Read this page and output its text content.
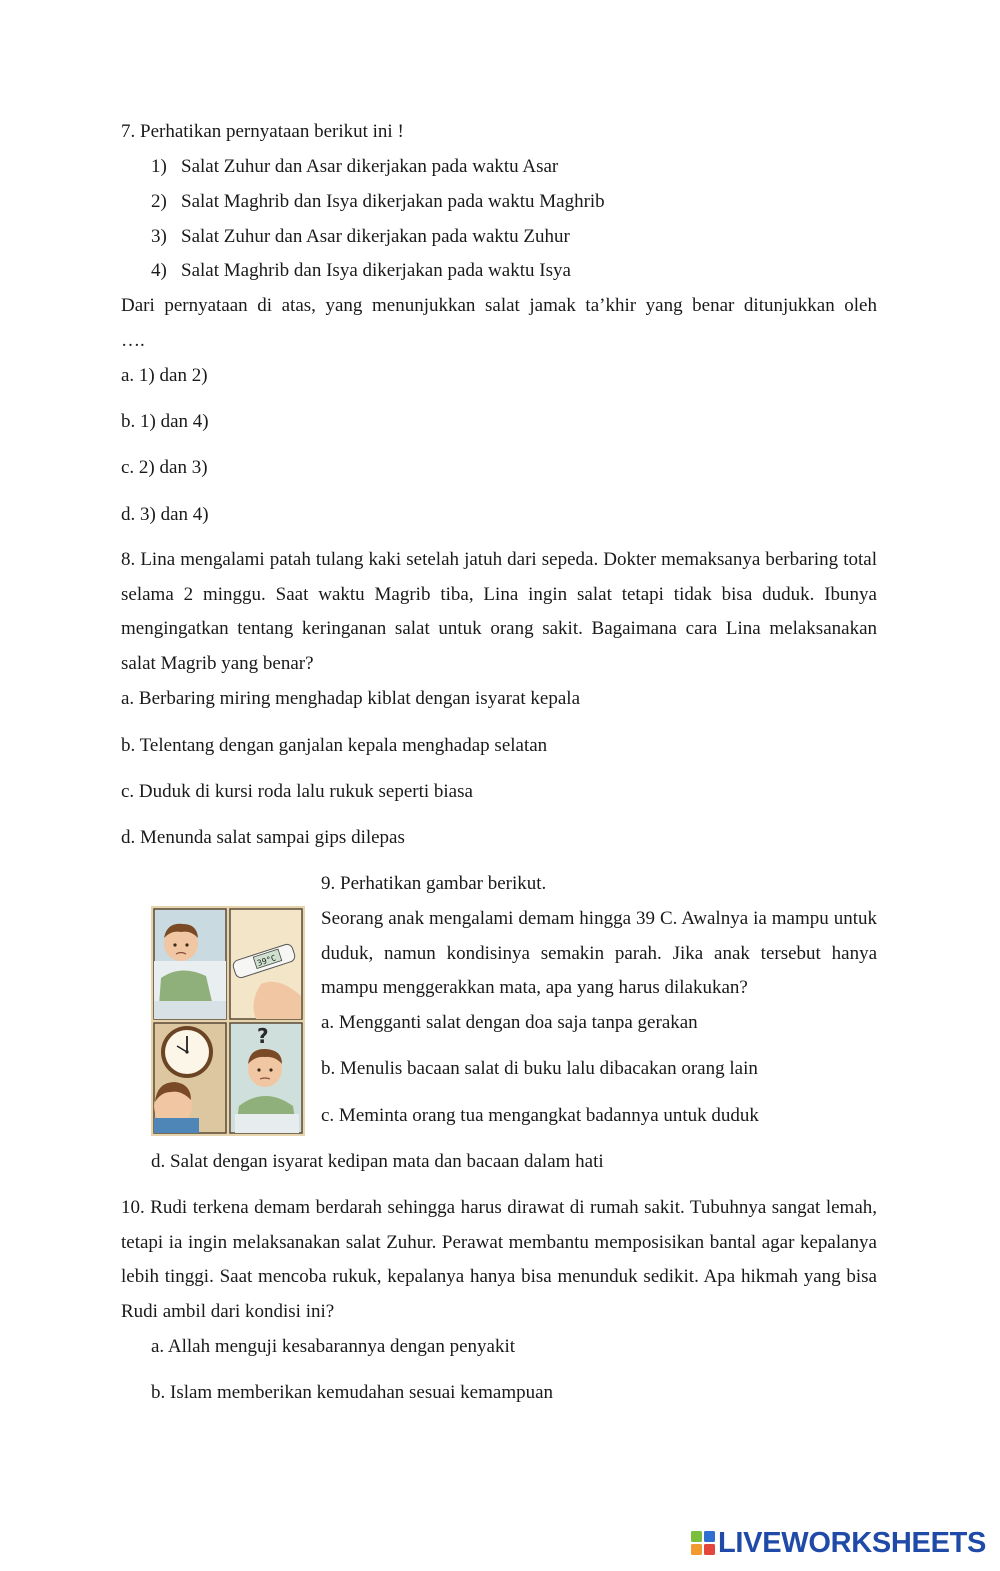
7. Perhatikan pernyataan berikut ini !
1) Salat Zuhur dan Asar dikerjakan pada waktu Asar
2) Salat Maghrib dan Isya dikerjakan pada waktu Maghrib
3) Salat Zuhur dan Asar dikerjakan pada waktu Zuhur
4) Salat Maghrib dan Isya dikerjakan pada waktu Isya
Dari pernyataan di atas, yang menunjukkan salat jamak ta’khir yang benar ditunjukkan oleh
….
a. 1) dan 2)
b. 1) dan 4)
c. 2) dan 3)
d. 3) dan 4)
8. Lina mengalami patah tulang kaki setelah jatuh dari sepeda. Dokter memaksanya berbaring total selama 2 minggu. Saat waktu Magrib tiba, Lina ingin salat tetapi tidak bisa duduk. Ibunya mengingatkan tentang keringanan salat untuk orang sakit. Bagaimana cara Lina melaksanakan salat Magrib yang benar?
a. Berbaring miring menghadap kiblat dengan isyarat kepala
b. Telentang dengan ganjalan kepala menghadap selatan
c. Duduk di kursi roda lalu rukuk seperti biasa
d. Menunda salat sampai gips dilepas
39°C
?
9. Perhatikan gambar berikut.
Seorang anak mengalami demam hingga 39 C. Awalnya ia mampu untuk duduk, namun kondisinya semakin parah. Jika anak tersebut hanya mampu menggerakkan mata, apa yang harus dilakukan?
a. Mengganti salat dengan doa saja tanpa gerakan
b. Menulis bacaan salat di buku lalu dibacakan orang lain
c. Meminta orang tua mengangkat badannya untuk duduk
d. Salat dengan isyarat kedipan mata dan bacaan dalam hati
10. Rudi terkena demam berdarah sehingga harus dirawat di rumah sakit. Tubuhnya sangat lemah, tetapi ia ingin melaksanakan salat Zuhur. Perawat membantu memposisikan bantal agar kepalanya lebih tinggi. Saat mencoba rukuk, kepalanya hanya bisa menunduk sedikit. Apa hikmah yang bisa Rudi ambil dari kondisi ini?
a. Allah menguji kesabarannya dengan penyakit
b. Islam memberikan kemudahan sesuai kemampuan
LIVEWORKSHEETS
